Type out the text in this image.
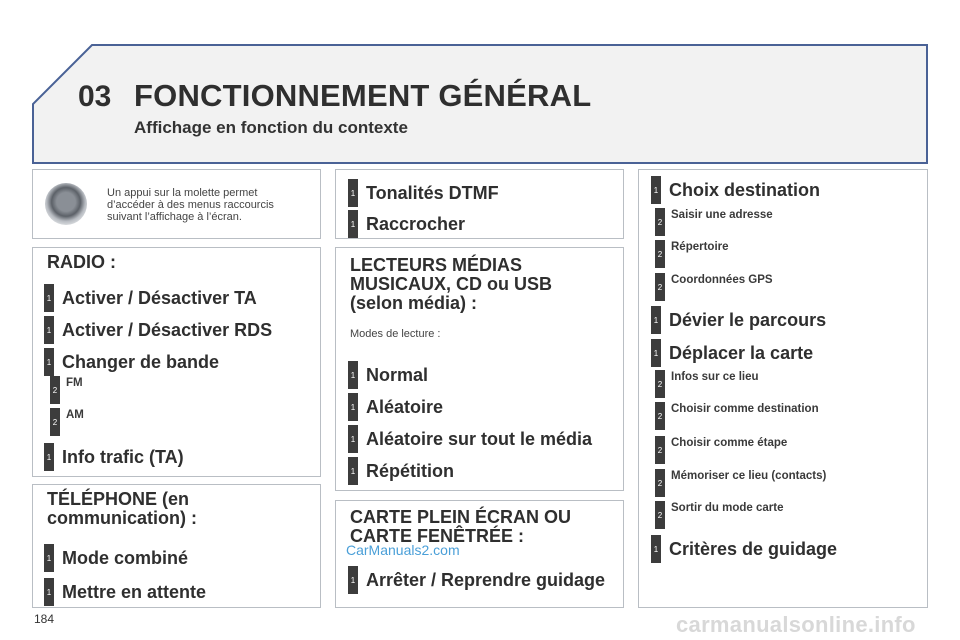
03 FONCTIONNEMENT GÉNÉRAL
Affichage en fonction du contexte
Un appui sur la molette permet
d’accéder à des menus raccourcis
suivant l’affichage à l’écran.
RADIO :
1 Activer / Désactiver TA
1 Activer / Désactiver RDS
1 Changer de bande
2
FM
2
AM
1 Info trafic (TA)
TÉLÉPHONE (en
communication) :
1 Mode combiné
1 Mettre en attente
1 Tonalités DTMF
1 Raccrocher
LECTEURS MÉDIAS
MUSICAUX, CD ou USB
(selon média) :
Modes de lecture :
1 Normal
1 Aléatoire
1 Aléatoire sur tout le média
1 Répétition
CARTE PLEIN ÉCRAN OU
CARTE FENÊTRÉE :
1 Arrêter / Reprendre guidage
1 Choix destination
2
Saisir une adresse
2
Répertoire
2
Coordonnées GPS
1 Dévier le parcours
1 Déplacer la carte
2
Infos sur ce lieu
2
Choisir comme destination
2
Choisir comme étape
2
Mémoriser ce lieu (contacts)
2
Sortir du mode carte
1 Critères de guidage
184
CarManuals2.com
carmanualsonline.info
